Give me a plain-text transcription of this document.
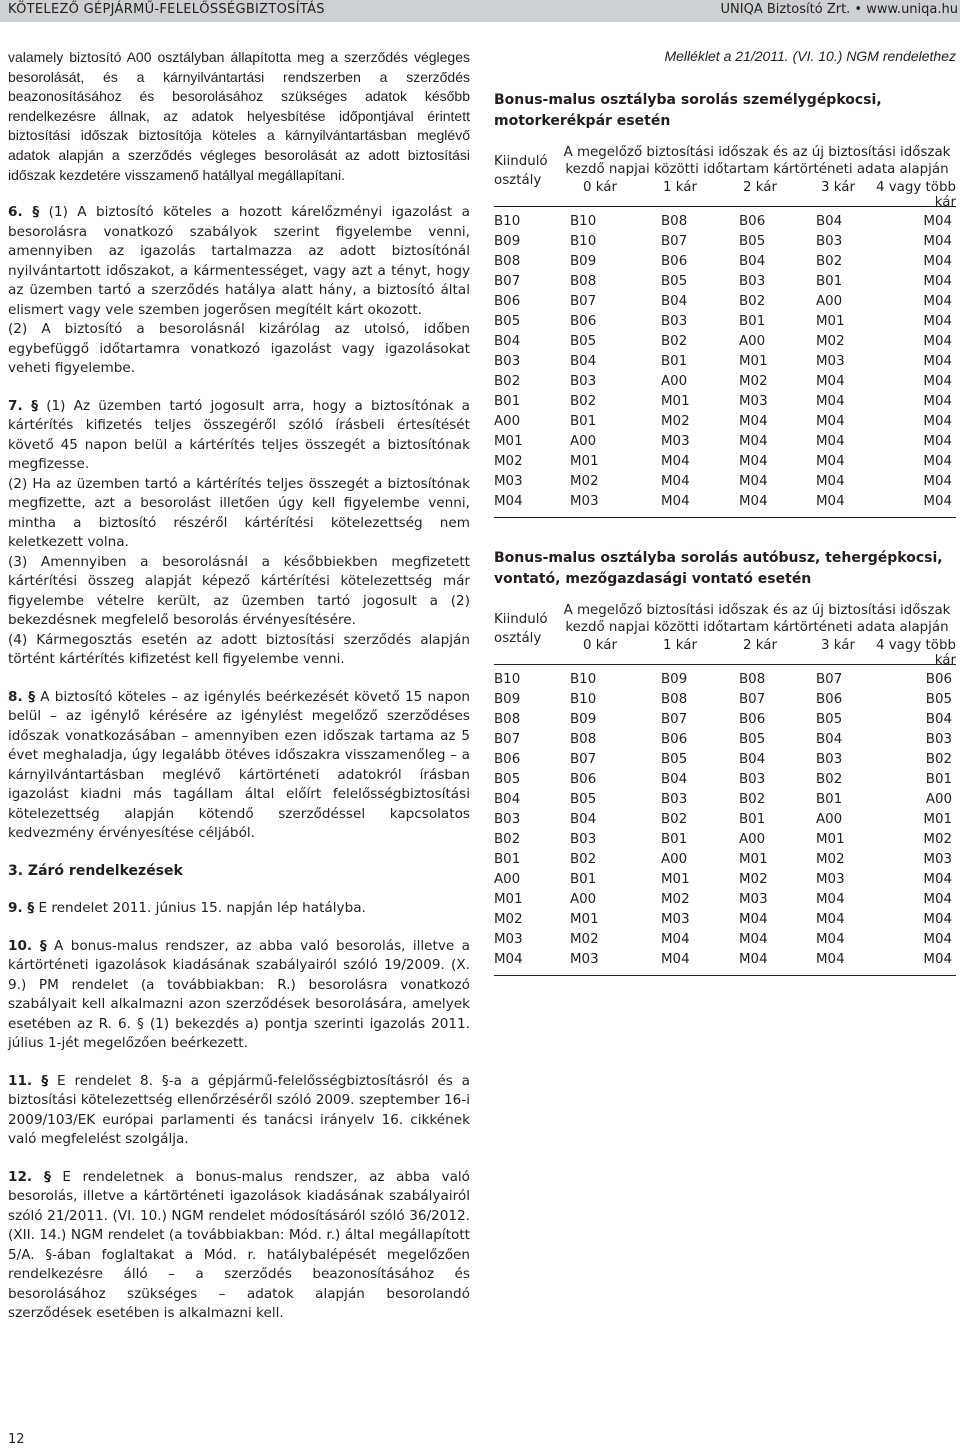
KÖTELEZŐ GÉPJÁRMŰ-FELELŐSSÉGBIZTOSÍTÁS	UNIQA Biztosító Zrt. • www.uniqa.hu

valamely biztosító A00 osztályban állapította meg a szerződés végleges besorolását, és a kárnyilvántartási rendszerben a szerződés beazonosításához és besorolásához szükséges adatok később rendelkezésre állnak, az adatok helyesbítése időpontjával érintett biztosítási időszak biztosítója köteles a kárnyilvántartásban meglévő adatok alapján a szerződés végleges besorolását az adott biztosítási időszak kezdetére visszamenő hatállyal megállapítani.

6. § (1) A biztosító köteles a hozott kárelőzményi igazolást a besorolásra vonatkozó szabályok szerint figyelembe venni, amennyiben az igazolás tartalmazza az adott biztosítónál nyilvántartott időszakot, a kármentességet, vagy azt a tényt, hogy az üzemben tartó a szerződés hatálya alatt hány, a biztosító által elismert vagy vele szemben jogerősen megítélt kárt okozott.

(2) A biztosító a besorolásnál kizárólag az utolsó, időben egybefüggő időtartamra vonatkozó igazolást vagy igazolásokat veheti figyelembe.

7. § (1) Az üzemben tartó jogosult arra, hogy a biztosítónak a kártérítés kifizetés teljes összegéről szóló írásbeli értesítését követő 45 napon belül a kártérítés teljes összegét a biztosítónak megfizesse.

(2) Ha az üzemben tartó a kártérítés teljes összegét a biztosítónak megfizette, azt a besorolást illetően úgy kell figyelembe venni, mintha a biztosító részéről kártérítési kötelezettség nem keletkezett volna.

(3) Amennyiben a besorolásnál a későbbiekben megfizetett kártérítési összeg alapját képező kártérítési kötelezettség már figyelembe vételre került, az üzemben tartó jogosult a (2) bekezdésnek megfelelő besorolás érvényesítésére.

(4) Kármegosztás esetén az adott biztosítási szerződés alapján történt kártérítés kifizetést kell figyelembe venni.

8. § A biztosító köteles – az igénylés beérkezését követő 15 napon belül – az igénylő kérésére az igénylést megelőző szerződéses időszak vonatkozásában – amennyiben ezen időszak tartama az 5 évet meghaladja, úgy legalább ötéves időszakra visszamenőleg – a kárnyilvántartásban meglévő kártörténeti adatokról írásban igazolást kiadni más tagállam által előírt felelősségbiztosítási kötelezettség alapján kötendő szerződéssel kapcsolatos kedvezmény érvényesítése céljából.

3. Záró rendelkezések

9. § E rendelet 2011. június 15. napján lép hatályba.

10. § A bonus-malus rendszer, az abba való besorolás, illetve a kártörténeti igazolások kiadásának szabályairól szóló 19/2009. (X. 9.) PM rendelet (a továbbiakban: R.) besorolásra vonatkozó szabályait kell alkalmazni azon szerződések besorolására, amelyek esetében az R. 6. § (1) bekezdés a) pontja szerinti igazolás 2011. július 1-jét megelőzően beérkezett.

11. § E rendelet 8. §-a a gépjármű-felelősségbiztosításról és a biztosítási kötelezettség ellenőrzéséről szóló 2009. szeptember 16-i 2009/103/EK európai parlamenti és tanácsi irányelv 16. cikkének való megfelelést szolgálja.

12. § E rendeletnek a bonus-malus rendszer, az abba való besorolás, illetve a kártörténeti igazolások kiadásának szabályairól szóló 21/2011. (VI. 10.) NGM rendelet módosításáról szóló 36/2012. (XII. 14.) NGM rendelet (a továbbiakban: Mód. r.) által megállapított 5/A. §-ában foglaltakat a Mód. r. hatálybalépését megelőzően rendelkezésre álló – a szerződés beazonosításához és besorolásához szükséges – adatok alapján besorolandó szerződések esetében is alkalmazni kell.

Melléklet a 21/2011. (VI. 10.) NGM rendelethez
Bonus-malus osztályba sorolás személygépkocsi,
motorkerékpár esetén
Kiinduló
osztály
A megelőző biztosítási időszak és az új biztosítási időszak
kezdő napjai közötti időtartam kártörténeti adata alapján
0 kár	1 kár	2 kár	3 kár	4 vagy több kár
B10	B10	B08	B06	B04	M04
B09	B10	B07	B05	B03	M04
B08	B09	B06	B04	B02	M04
B07	B08	B05	B03	B01	M04
B06	B07	B04	B02	A00	M04
B05	B06	B03	B01	M01	M04
B04	B05	B02	A00	M02	M04
B03	B04	B01	M01	M03	M04
B02	B03	A00	M02	M04	M04
B01	B02	M01	M03	M04	M04
A00	B01	M02	M04	M04	M04
M01	A00	M03	M04	M04	M04
M02	M01	M04	M04	M04	M04
M03	M02	M04	M04	M04	M04
M04	M03	M04	M04	M04	M04
Bonus-malus osztályba sorolás autóbusz, tehergépkocsi,
vontató, mezőgazdasági vontató esetén
Kiinduló
osztály
A megelőző biztosítási időszak és az új biztosítási időszak
kezdő napjai közötti időtartam kártörténeti adata alapján
0 kár	1 kár	2 kár	3 kár	4 vagy több kár
B10	B10	B09	B08	B07	B06
B09	B10	B08	B07	B06	B05
B08	B09	B07	B06	B05	B04
B07	B08	B06	B05	B04	B03
B06	B07	B05	B04	B03	B02
B05	B06	B04	B03	B02	B01
B04	B05	B03	B02	B01	A00
B03	B04	B02	B01	A00	M01
B02	B03	B01	A00	M01	M02
B01	B02	A00	M01	M02	M03
A00	B01	M01	M02	M03	M04
M01	A00	M02	M03	M04	M04
M02	M01	M03	M04	M04	M04
M03	M02	M04	M04	M04	M04
M04	M03	M04	M04	M04	M04
12
